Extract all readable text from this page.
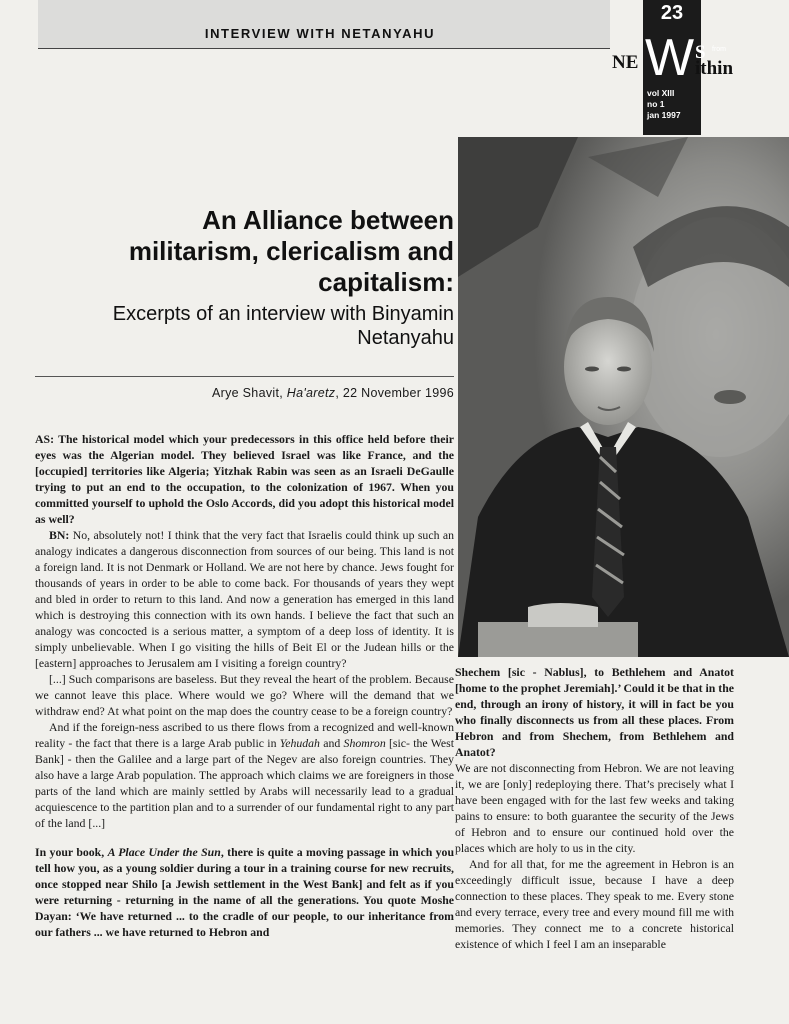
INTERVIEW WITH NETANYAHU
23
NE W S from
ithin
vol XIII
no 1
jan 1997
An Alliance between militarism, clericalism and capitalism:
Excerpts of an interview with Binyamin Netanyahu
Arye Shavit, Ha'aretz, 22 November 1996

AS: The historical model which your predecessors in this office held before their eyes was the Algerian model. They believed Israel was like France, and the [occupied] territories like Algeria; Yitzhak Rabin was seen as an Israeli DeGaulle trying to put an end to the occupation, to the colonization of 1967. When you committed yourself to uphold the Oslo Accords, did you adopt this historical model as well?

BN: No, absolutely not! I think that the very fact that Israelis could think up such an analogy indicates a dangerous disconnection from sources of our being. This land is not a foreign land. It is not Denmark or Holland. We are not here by chance. Jews fought for thousands of years in order to be able to come back. For thousands of years they wept and bled in order to return to this land. And now a generation has emerged in this land which is destroying this connection with its own hands. I believe the fact that such an analogy was concocted is a serious matter, a symptom of a deep loss of identity. It is simply unbelievable. When I go visiting the hills of Beit El or the Judean hills or the [eastern] approaches to Jerusalem am I visiting a foreign country?

[...] Such comparisons are baseless. But they reveal the heart of the problem. Because we cannot leave this place. Where would we go? Where will the demand that we withdraw end? At what point on the map does the country cease to be a foreign country?

And if the foreign-ness ascribed to us there flows from a recognized and well-known reality - the fact that there is a large Arab public in Yehudah and Shomron [sic- the West Bank] - then the Galilee and a large part of the Negev are also foreign countries. They also have a large Arab population. The approach which claims we are foreigners in those parts of the land which are mainly settled by Arabs will necessarily lead to a gradual acquiescence to the partition plan and to a surrender of our fundamental right to any part of the land [...]

In your book, A Place Under the Sun, there is quite a moving passage in which you tell how you, as a young soldier during a tour in a training course for new recruits, once stopped near Shilo [a Jewish settlement in the West Bank] and felt as if you were returning - returning in the name of all the generations. You quote Moshe Dayan: ‘We have returned ... to the cradle of our people, to our inheritance from our fathers ... we have returned to Hebron and

Shechem [sic - Nablus], to Bethlehem and Anatot [home to the prophet Jeremiah].’ Could it be that in the end, through an irony of history, it will in fact be you who finally disconnects us from all these places. From Hebron and from Shechem, from Bethlehem and Anatot?

We are not disconnecting from Hebron. We are not leaving it, we are [only] redeploying there. That’s precisely what I have been engaged with for the last few weeks and taking pains to ensure: to both guarantee the security of the Jews of Hebron and to ensure our continued hold over the places which are holy to us in the city.

And for all that, for me the agreement in Hebron is an exceedingly difficult issue, because I have a deep connection to these places. They speak to me. Every stone and every terrace, every tree and every mound fill me with memories. They connect me to a concrete historical existence of which I feel I am an inseparable
